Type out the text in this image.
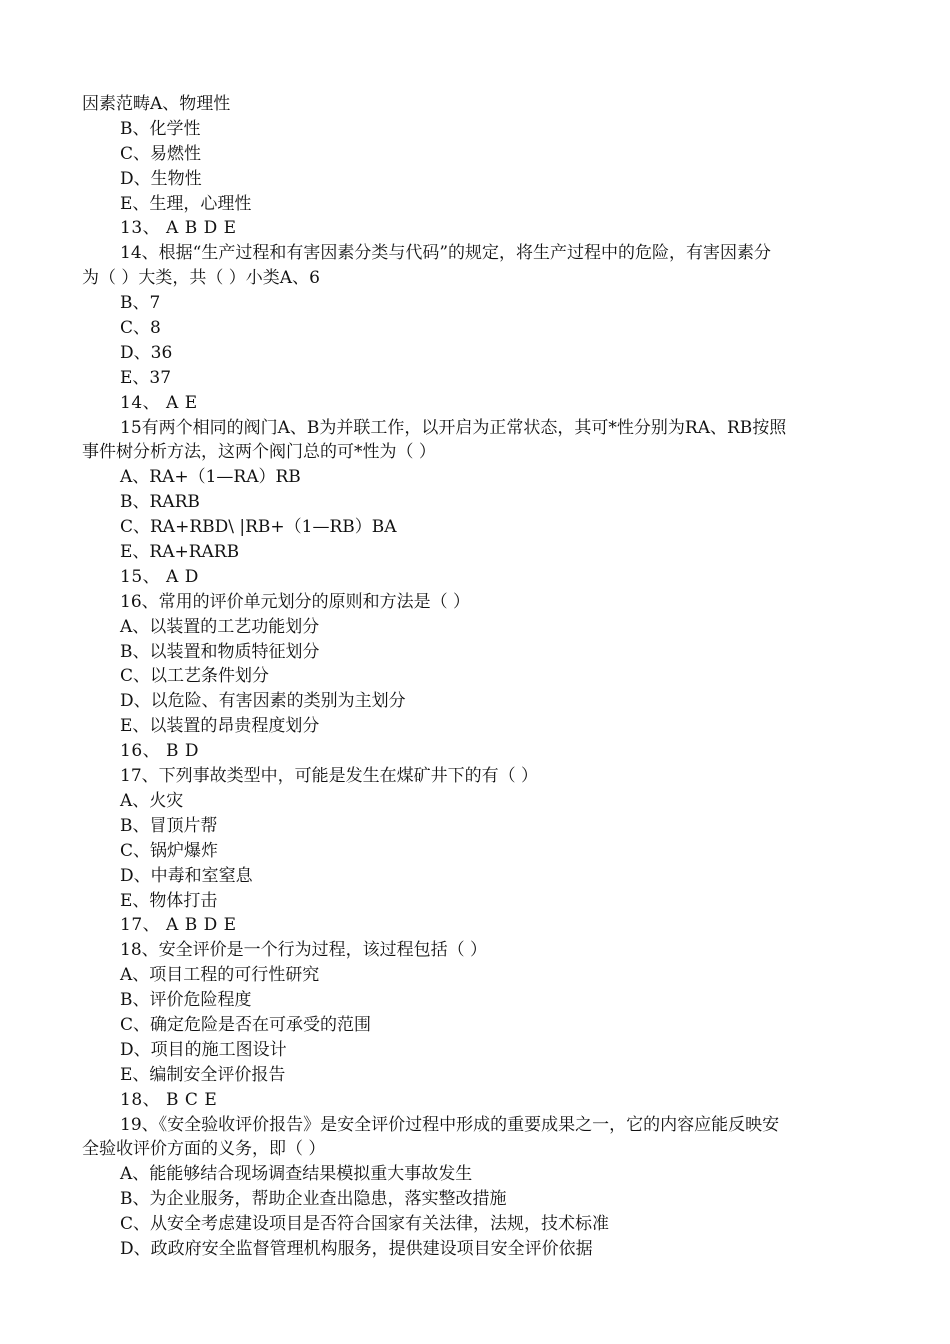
因素范畴A、物理性
B、化学性
C、易燃性
D、生物性
E、生理，心理性
13、 A B D E
14、根据“生产过程和有害因素分类与代码”的规定，将生产过程中的危险，有害因素分
为（ ）大类，共（ ）小类A、6
B、7
C、8
D、36
E、37
14、 A E
15有两个相同的阀门A、B为并联工作，以开启为正常状态，其可*性分别为RA、RB按照
事件树分析方法，这两个阀门总的可*性为（ ）
A、RA+（1—RA）RB
B、RARB
C、RA+RBD\ |RB+（1—RB）BA
E、RA+RARB
15、 A D
16、常用的评价单元划分的原则和方法是（ ）
A、以装置的工艺功能划分
B、以装置和物质特征划分
C、以工艺条件划分
D、以危险、有害因素的类别为主划分
E、以装置的昂贵程度划分
16、 B D
17、下列事故类型中，可能是发生在煤矿井下的有（ ）
A、火灾
B、冒顶片帮
C、锅炉爆炸
D、中毒和室窒息
E、物体打击
17、 A B D E
18、安全评价是一个行为过程，该过程包括（ ）
A、项目工程的可行性研究
B、评价危险程度
C、确定危险是否在可承受的范围
D、项目的施工图设计
E、编制安全评价报告
18、 B C E
19、《安全验收评价报告》是安全评价过程中形成的重要成果之一，它的内容应能反映安
全验收评价方面的义务，即（ ）
A、能能够结合现场调查结果模拟重大事故发生
B、为企业服务，帮助企业查出隐患，落实整改措施
C、从安全考虑建设项目是否符合国家有关法律，法规，技术标准
D、政政府安全监督管理机构服务，提供建设项目安全评价依据
